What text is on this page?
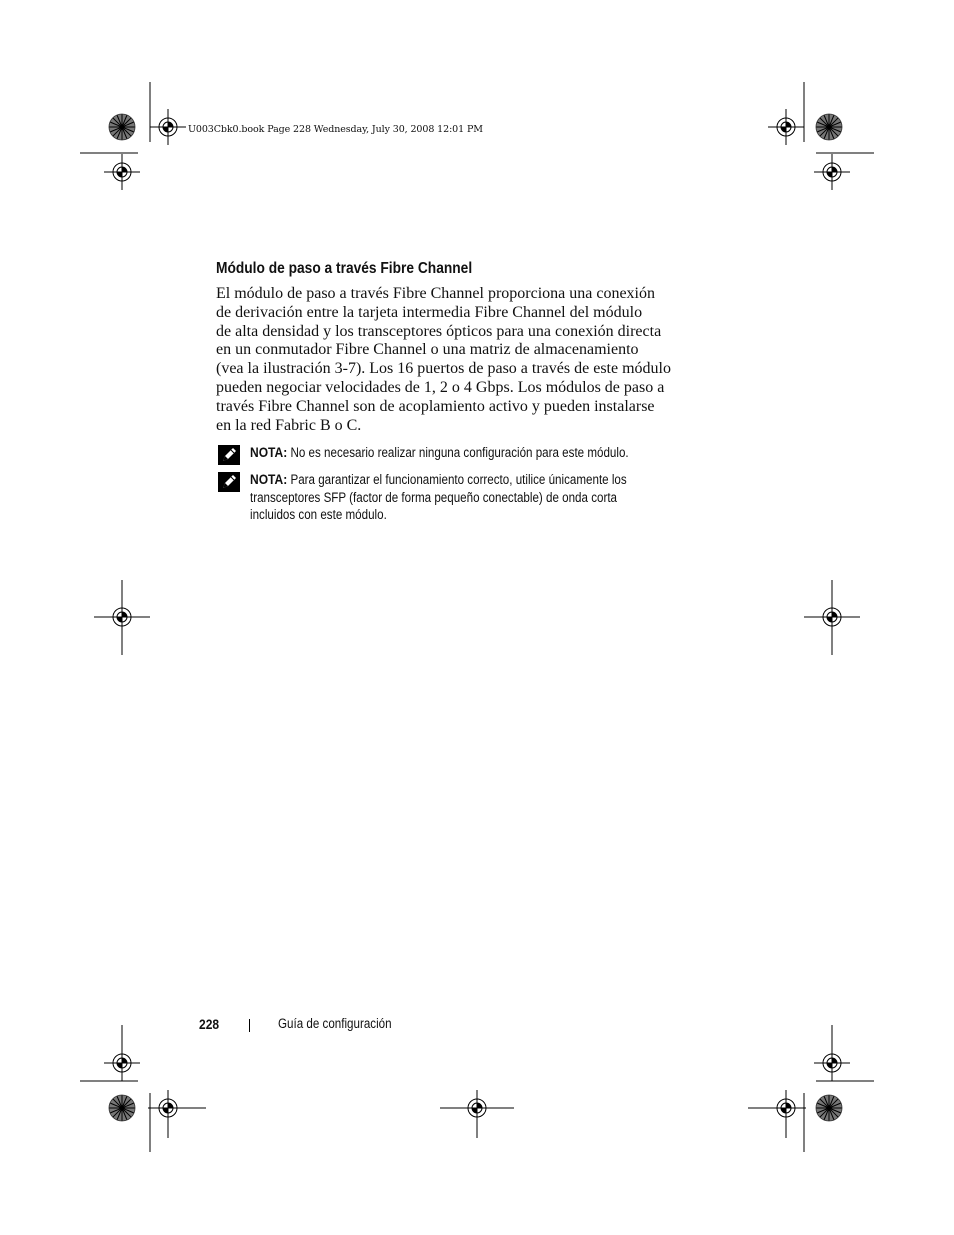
U003Cbk0.book Page 228 Wednesday, July 30, 2008 12:01 PM
Módulo de paso a través Fibre Channel

El módulo de paso a través Fibre Channel proporciona una conexión
de derivación entre la tarjeta intermedia Fibre Channel del módulo
de alta densidad y los transceptores ópticos para una conexión directa
en un conmutador Fibre Channel o una matriz de almacenamiento
(vea la ilustración 3-7). Los 16 puertos de paso a través de este módulo
pueden negociar velocidades de 1, 2 o 4 Gbps. Los módulos de paso a
través Fibre Channel son de acoplamiento activo y pueden instalarse
en la red Fabric B o C.

NOTA: No es necesario realizar ninguna configuración para este módulo.
NOTA: Para garantizar el funcionamiento correcto, utilice únicamente los
transceptores SFP (factor de forma pequeño conectable) de onda corta
incluidos con este módulo.
228	Guía de configuración
